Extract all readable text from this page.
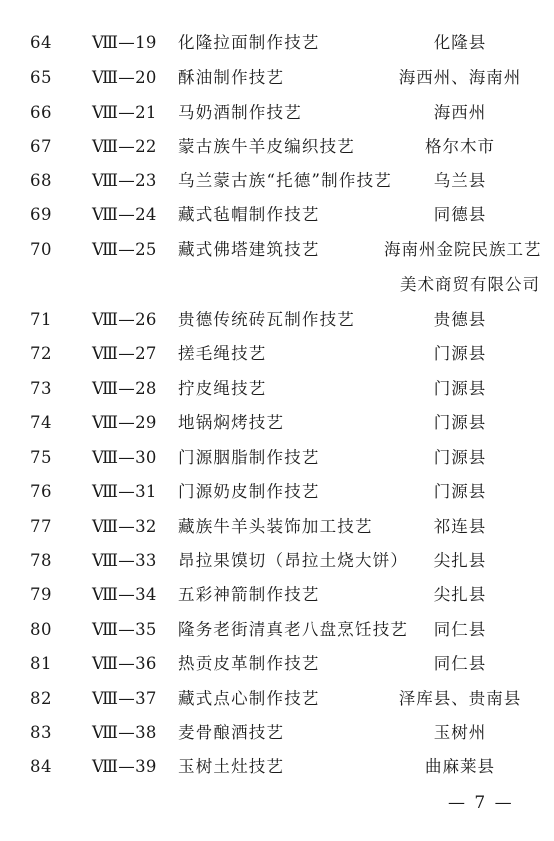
64	Ⅷ—19	化隆拉面制作技艺	化隆县
65	Ⅷ—20	酥油制作技艺	海西州、海南州
66	Ⅷ—21	马奶酒制作技艺	海西州
67	Ⅷ—22	蒙古族牛羊皮编织技艺	格尔木市
68	Ⅷ—23	乌兰蒙古族“托德”制作技艺	乌兰县
69	Ⅷ—24	藏式毡帽制作技艺	同德县
70	Ⅷ—25	藏式佛塔建筑技艺	海南州金院民族工艺
美术商贸有限公司
71	Ⅷ—26	贵德传统砖瓦制作技艺	贵德县
72	Ⅷ—27	搓毛绳技艺	门源县
73	Ⅷ—28	拧皮绳技艺	门源县
74	Ⅷ—29	地锅焖烤技艺	门源县
75	Ⅷ—30	门源胭脂制作技艺	门源县
76	Ⅷ—31	门源奶皮制作技艺	门源县
77	Ⅷ—32	藏族牛羊头装饰加工技艺	祁连县
78	Ⅷ—33	昂拉果馍切（昂拉土烧大饼）	尖扎县
79	Ⅷ—34	五彩神箭制作技艺	尖扎县
80	Ⅷ—35	隆务老街清真老八盘烹饪技艺	同仁县
81	Ⅷ—36	热贡皮革制作技艺	同仁县
82	Ⅷ—37	藏式点心制作技艺	泽库县、贵南县
83	Ⅷ—38	麦骨酿酒技艺	玉树州
84	Ⅷ—39	玉树土灶技艺	曲麻莱县
— 7 —
